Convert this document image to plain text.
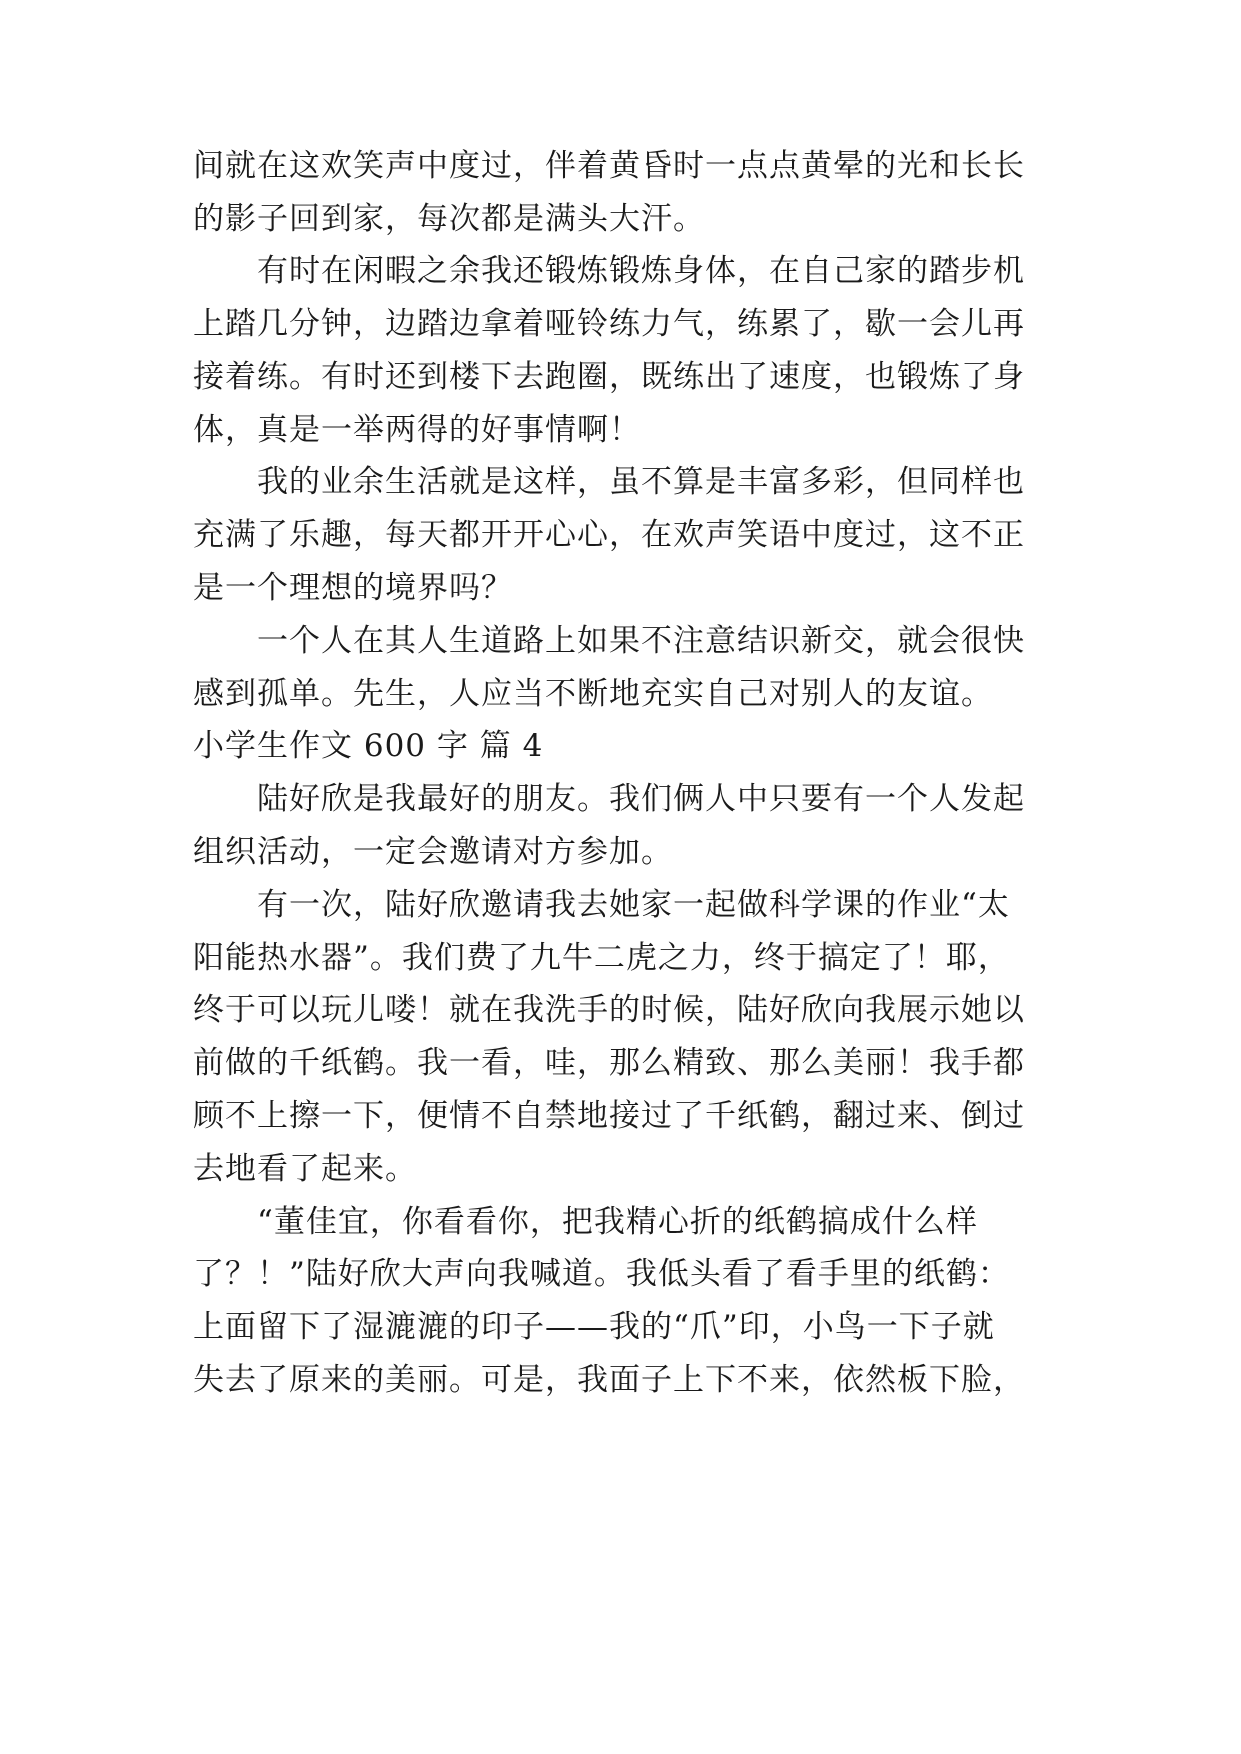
间就在这欢笑声中度过，伴着黄昏时一点点黄晕的光和长长
的影子回到家，每次都是满头大汗。
　　有时在闲暇之余我还锻炼锻炼身体，在自己家的踏步机
上踏几分钟，边踏边拿着哑铃练力气，练累了，歇一会儿再
接着练。有时还到楼下去跑圈，既练出了速度，也锻炼了身
体，真是一举两得的好事情啊！
　　我的业余生活就是这样，虽不算是丰富多彩，但同样也
充满了乐趣，每天都开开心心，在欢声笑语中度过，这不正
是一个理想的境界吗？
　　一个人在其人生道路上如果不注意结识新交，就会很快
感到孤单。先生，人应当不断地充实自己对别人的友谊。
小学生作文 600 字 篇 4
　　陆好欣是我最好的朋友。我们俩人中只要有一个人发起
组织活动，一定会邀请对方参加。
　　有一次，陆好欣邀请我去她家一起做科学课的作业“太
阳能热水器”。我们费了九牛二虎之力，终于搞定了！耶，
终于可以玩儿喽！就在我洗手的时候，陆好欣向我展示她以
前做的千纸鹤。我一看，哇，那么精致、那么美丽！我手都
顾不上擦一下，便情不自禁地接过了千纸鹤，翻过来、倒过
去地看了起来。
　　“董佳宜，你看看你，把我精心折的纸鹤搞成什么样
了？！”陆好欣大声向我喊道。我低头看了看手里的纸鹤：
上面留下了湿漉漉的印子——我的“爪”印，小鸟一下子就
失去了原来的美丽。可是，我面子上下不来，依然板下脸，
